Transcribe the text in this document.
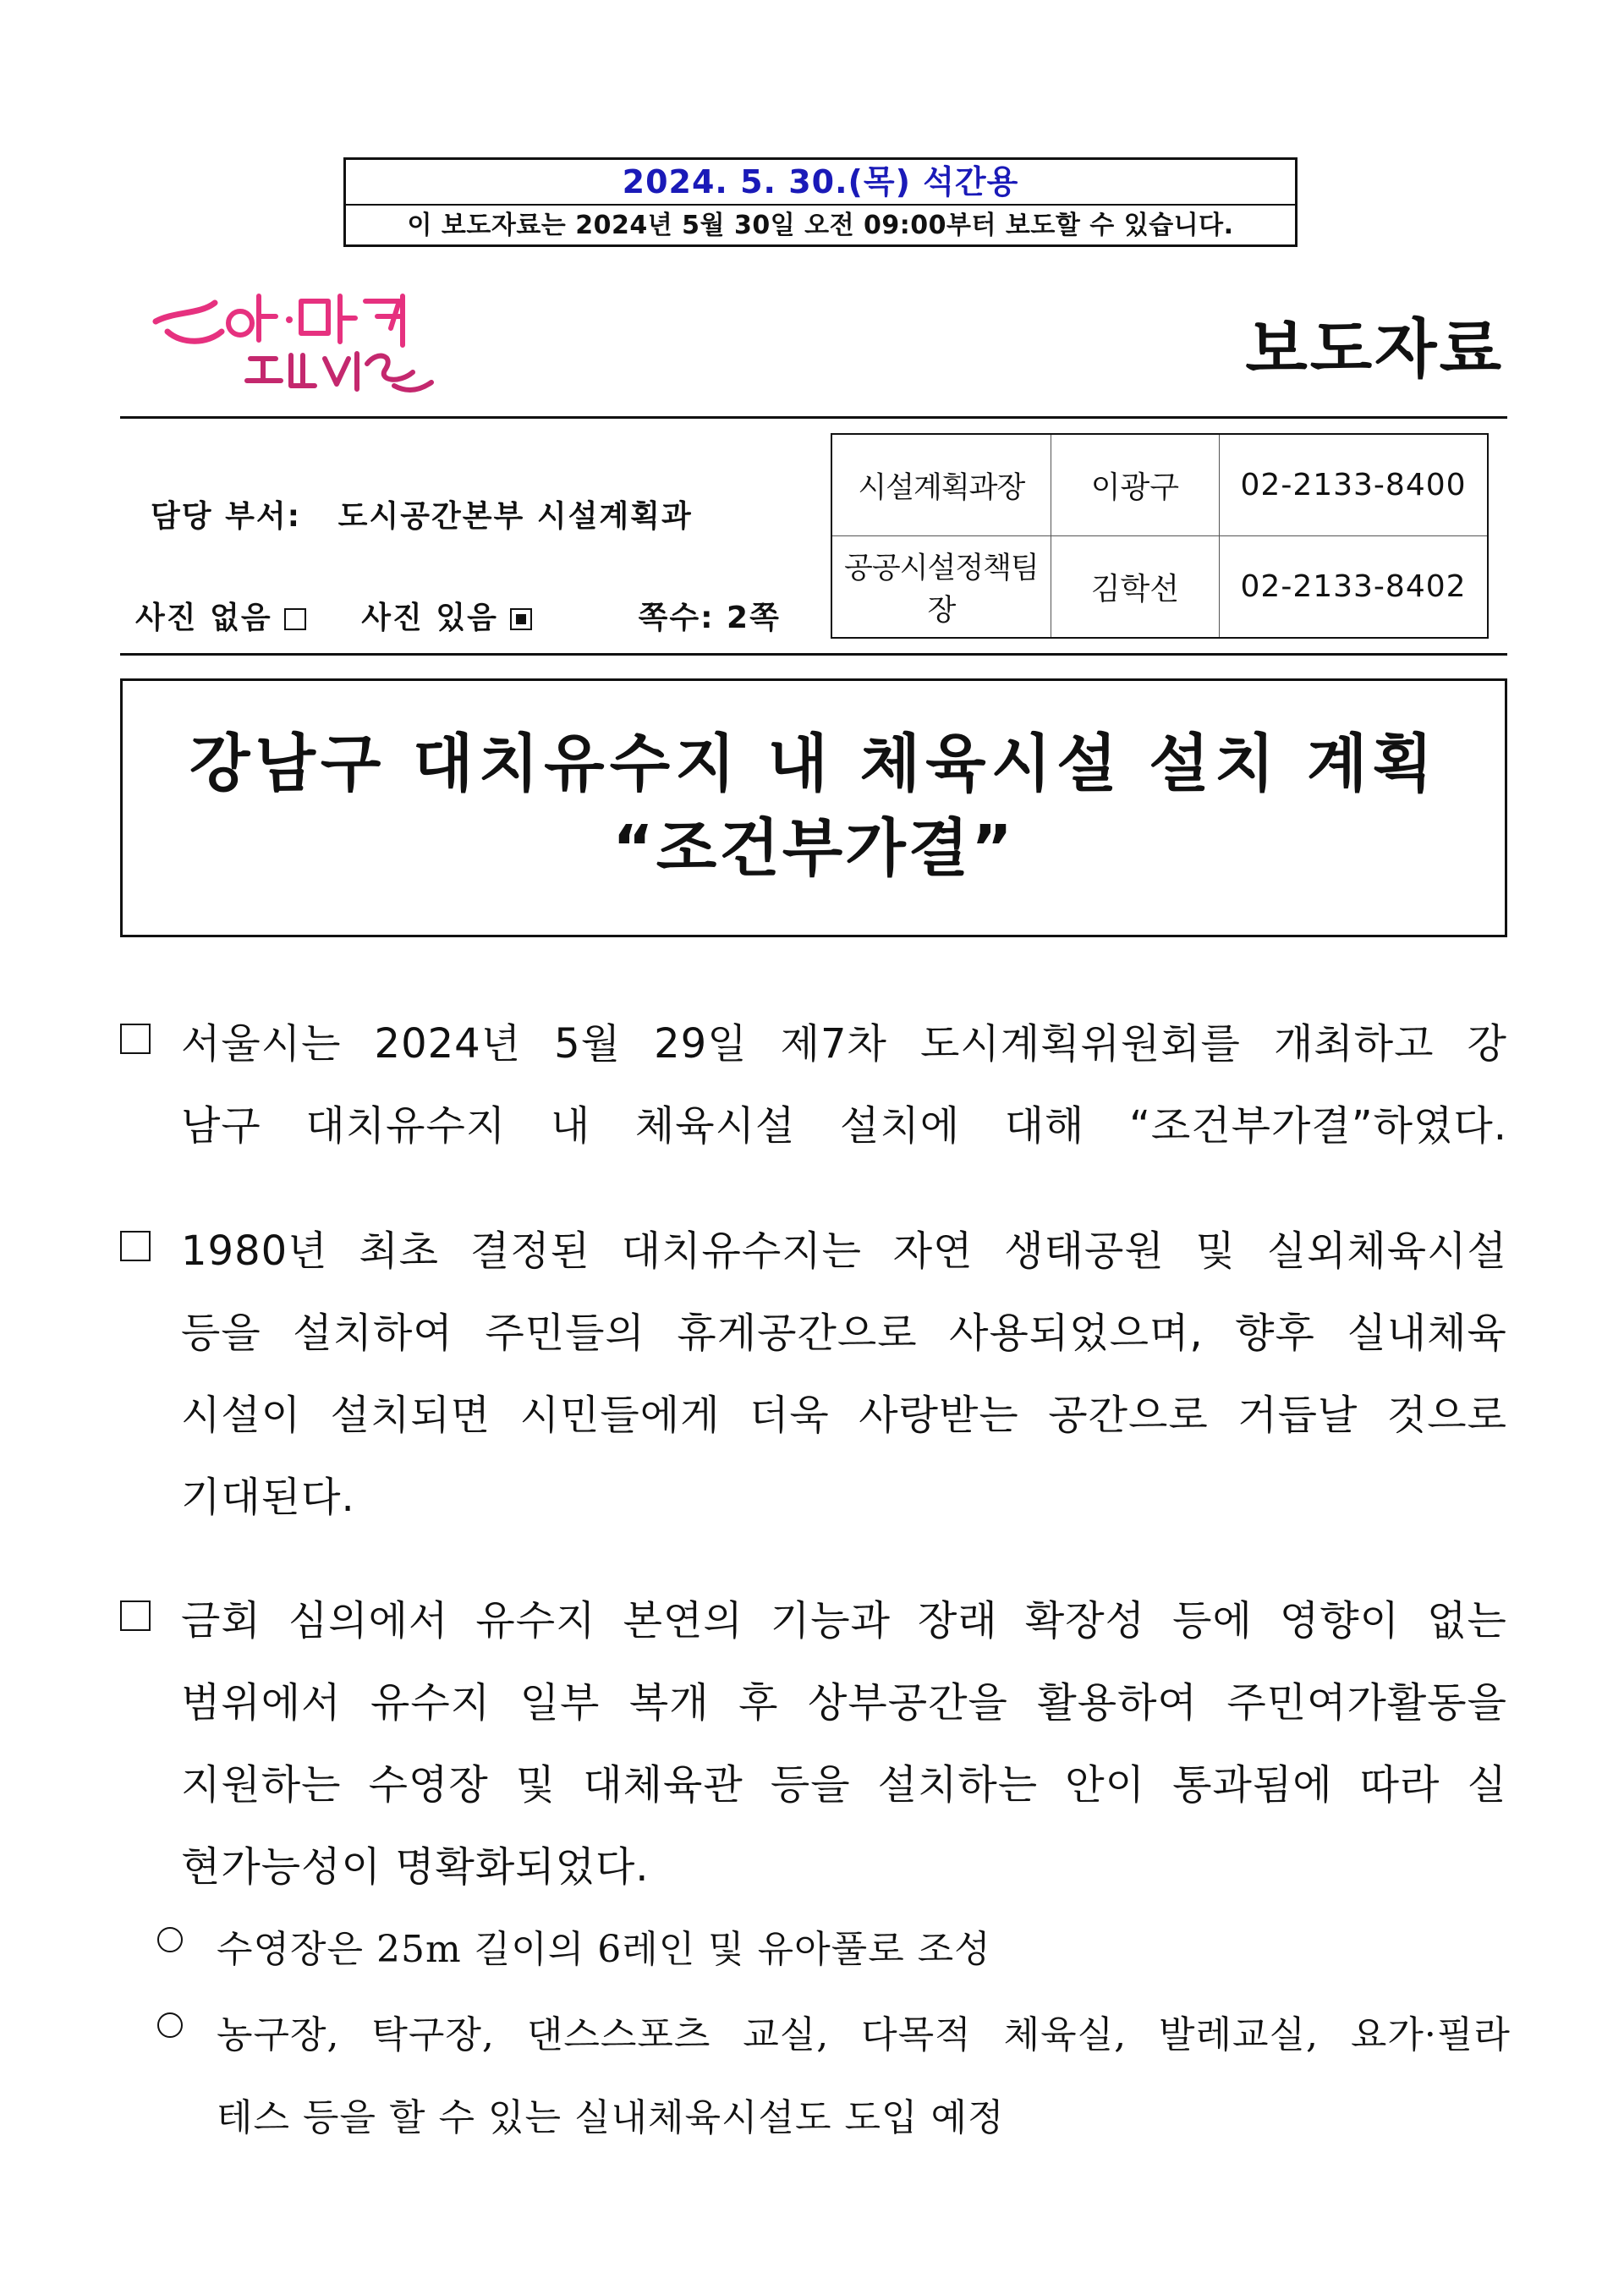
2024. 5. 30.(목) 석간용
이 보도자료는 2024년 5월 30일 오전 09:00부터 보도할 수 있습니다.
보도자료
담당 부서: 도시공간본부 시설계획과
사진 없음	사진 있음	쪽수: 2쪽
시설계획과장	이광구	02-2133-8400
공공시설정책팀장	김학선	02-2133-8402
강남구 대치유수지 내 체육시설 설치 계획
“조건부가결”
서울시는 2024년 5월 29일 제7차 도시계획위원회를 개최하고 강
남구 대치유수지 내 체육시설 설치에 대해 “조건부가결”하였다.
1980년 최초 결정된 대치유수지는 자연 생태공원 및 실외체육시설
등을 설치하여 주민들의 휴게공간으로 사용되었으며, 향후 실내체육
시설이 설치되면 시민들에게 더욱 사랑받는 공간으로 거듭날 것으로
기대된다.
금회 심의에서 유수지 본연의 기능과 장래 확장성 등에 영향이 없는
범위에서 유수지 일부 복개 후 상부공간을 활용하여 주민여가활동을
지원하는 수영장 및 대체육관 등을 설치하는 안이 통과됨에 따라 실
현가능성이 명확화되었다.
수영장은 25m 길이의 6레인 및 유아풀로 조성
농구장, 탁구장, 댄스스포츠 교실, 다목적 체육실, 발레교실, 요가·필라
테스 등을 할 수 있는 실내체육시설도 도입 예정
